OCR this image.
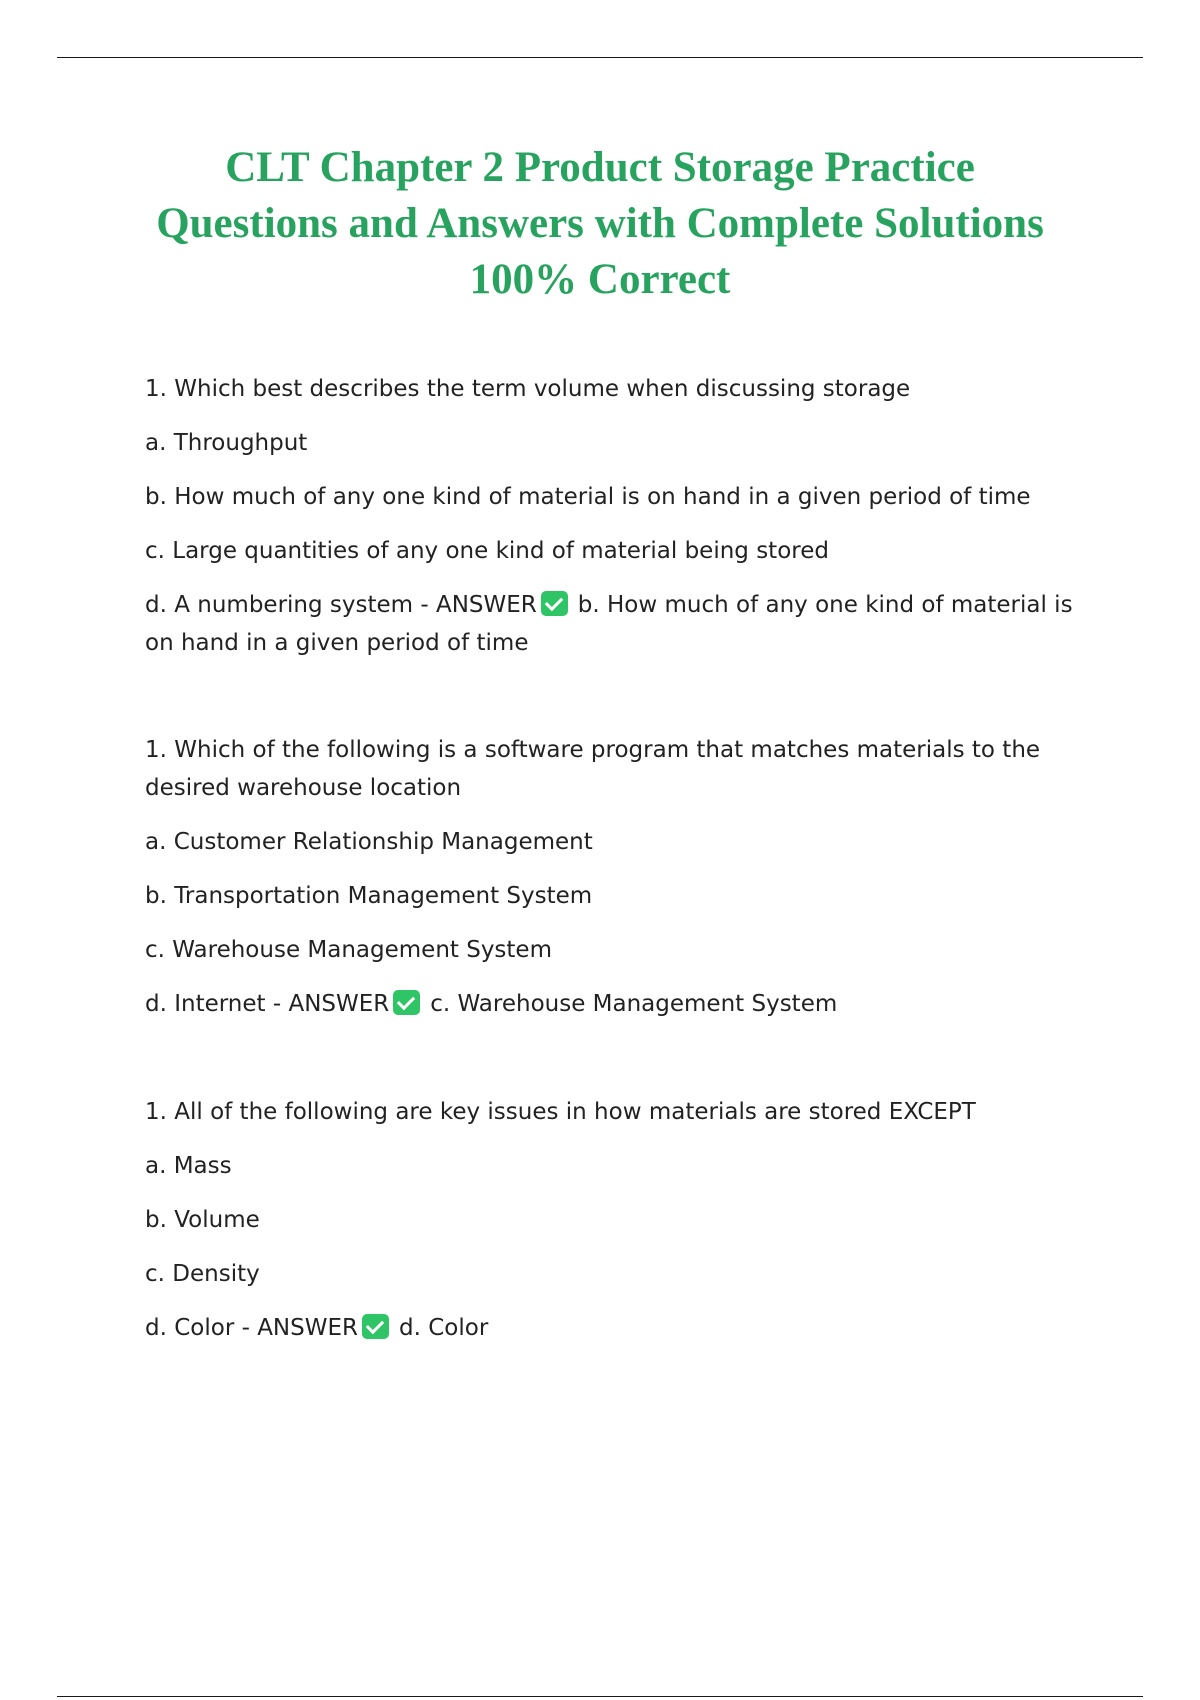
CLT Chapter 2 Product Storage Practice
Questions and Answers with Complete Solutions
100% Correct
1. Which best describes the term volume when discussing storage
a. Throughput
b. How much of any one kind of material is on hand in a given period of time
c. Large quantities of any one kind of material being stored
d. A numbering system - ANSWER b. How much of any one kind of material is on hand in a given period of time
1. Which of the following is a software program that matches materials to the desired warehouse location
a. Customer Relationship Management
b. Transportation Management System
c. Warehouse Management System
d. Internet - ANSWER c. Warehouse Management System
1. All of the following are key issues in how materials are stored EXCEPT
a. Mass
b. Volume
c. Density
d. Color - ANSWER d. Color
